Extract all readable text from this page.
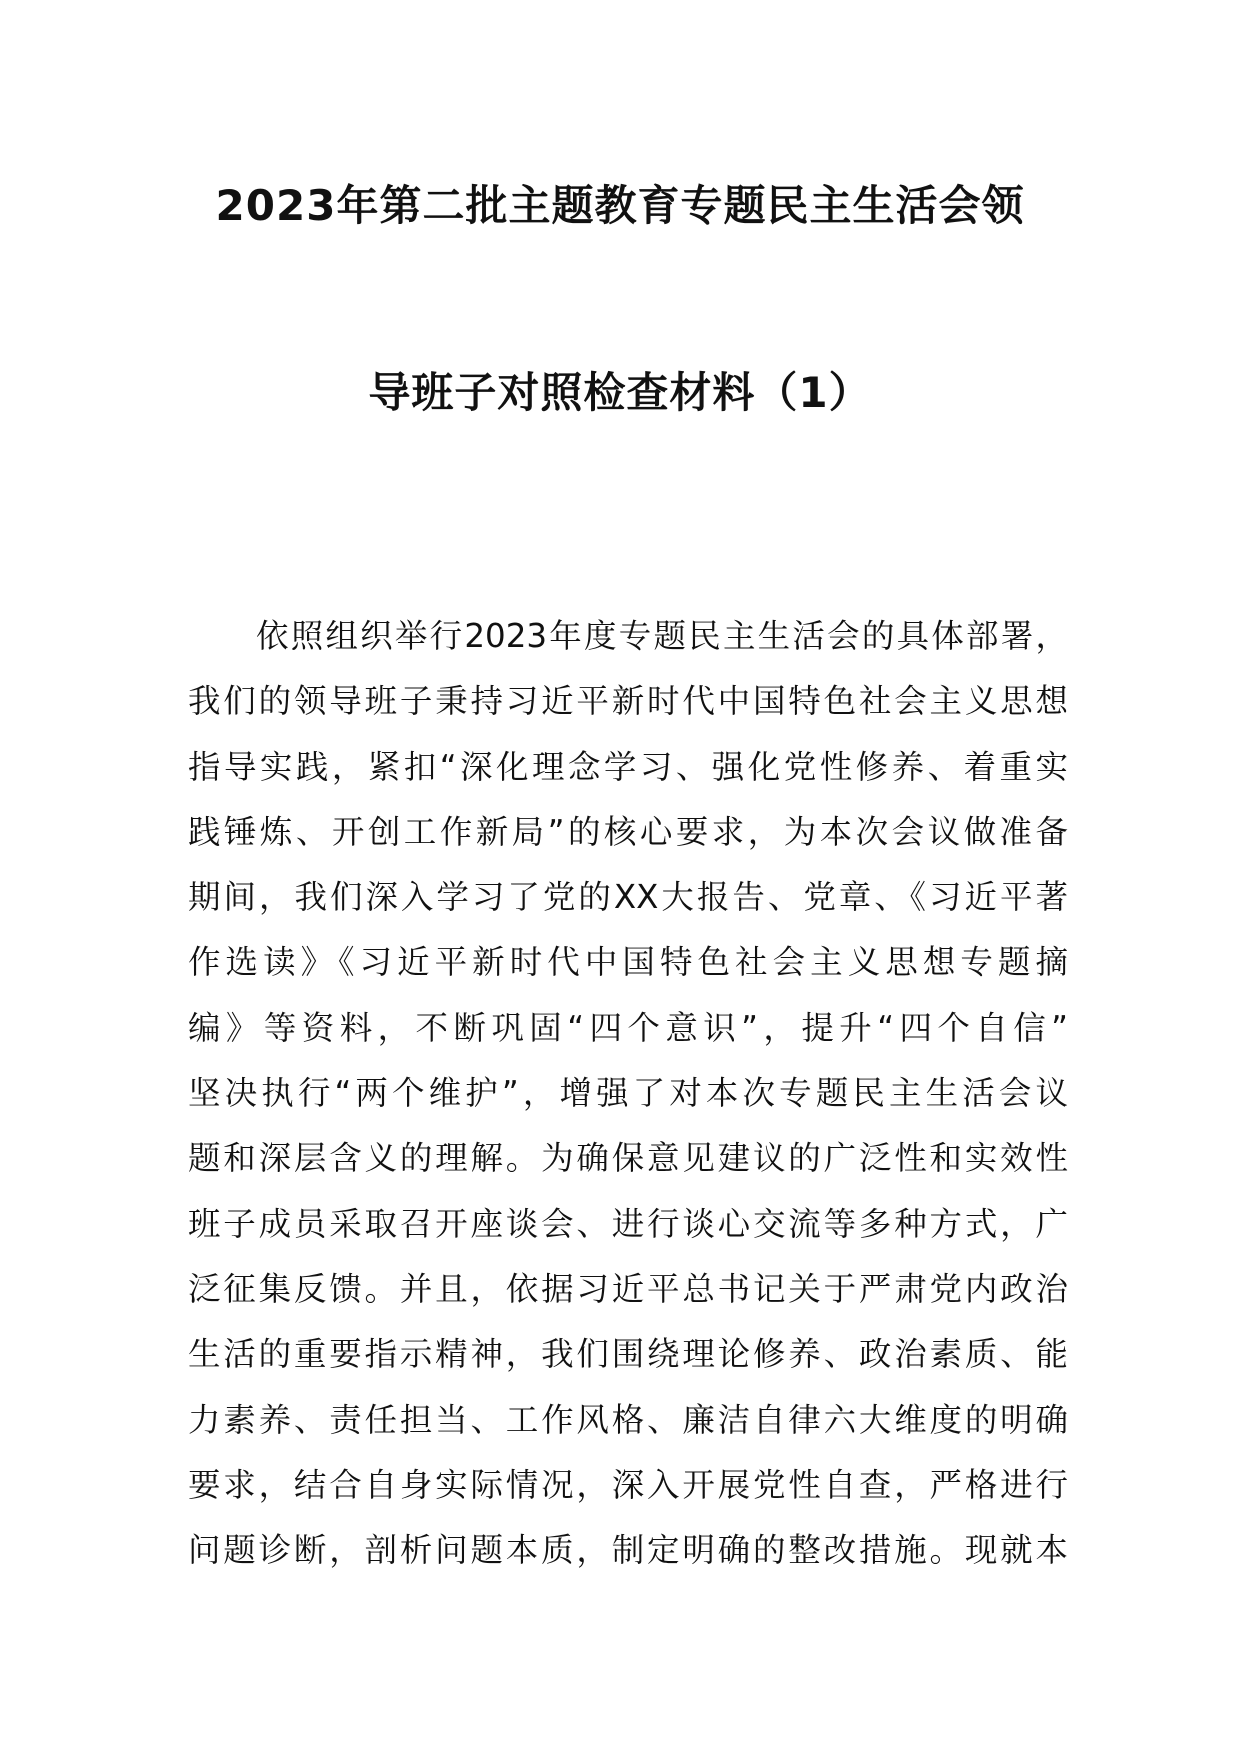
2023年第二批主题教育专题民主生活会领
导班子对照检查材料（1）
依照组织举行2023年度专题民主生活会的具体部署，
我们的领导班子秉持习近平新时代中国特色社会主义思想
指导实践，紧扣“深化理念学习、强化党性修养、着重实
践锤炼、开创工作新局”的核心要求，为本次会议做准备
期间，我们深入学习了党的XX大报告、党章、《习近平著
作选读》《习近平新时代中国特色社会主义思想专题摘
编》等资料，不断巩固“四个意识”，提升“四个自信”
坚决执行“两个维护”，增强了对本次专题民主生活会议
题和深层含义的理解。为确保意见建议的广泛性和实效性
班子成员采取召开座谈会、进行谈心交流等多种方式，广
泛征集反馈。并且，依据习近平总书记关于严肃党内政治
生活的重要指示精神，我们围绕理论修养、政治素质、能
力素养、责任担当、工作风格、廉洁自律六大维度的明确
要求，结合自身实际情况，深入开展党性自查，严格进行
问题诊断，剖析问题本质，制定明确的整改措施。现就本
